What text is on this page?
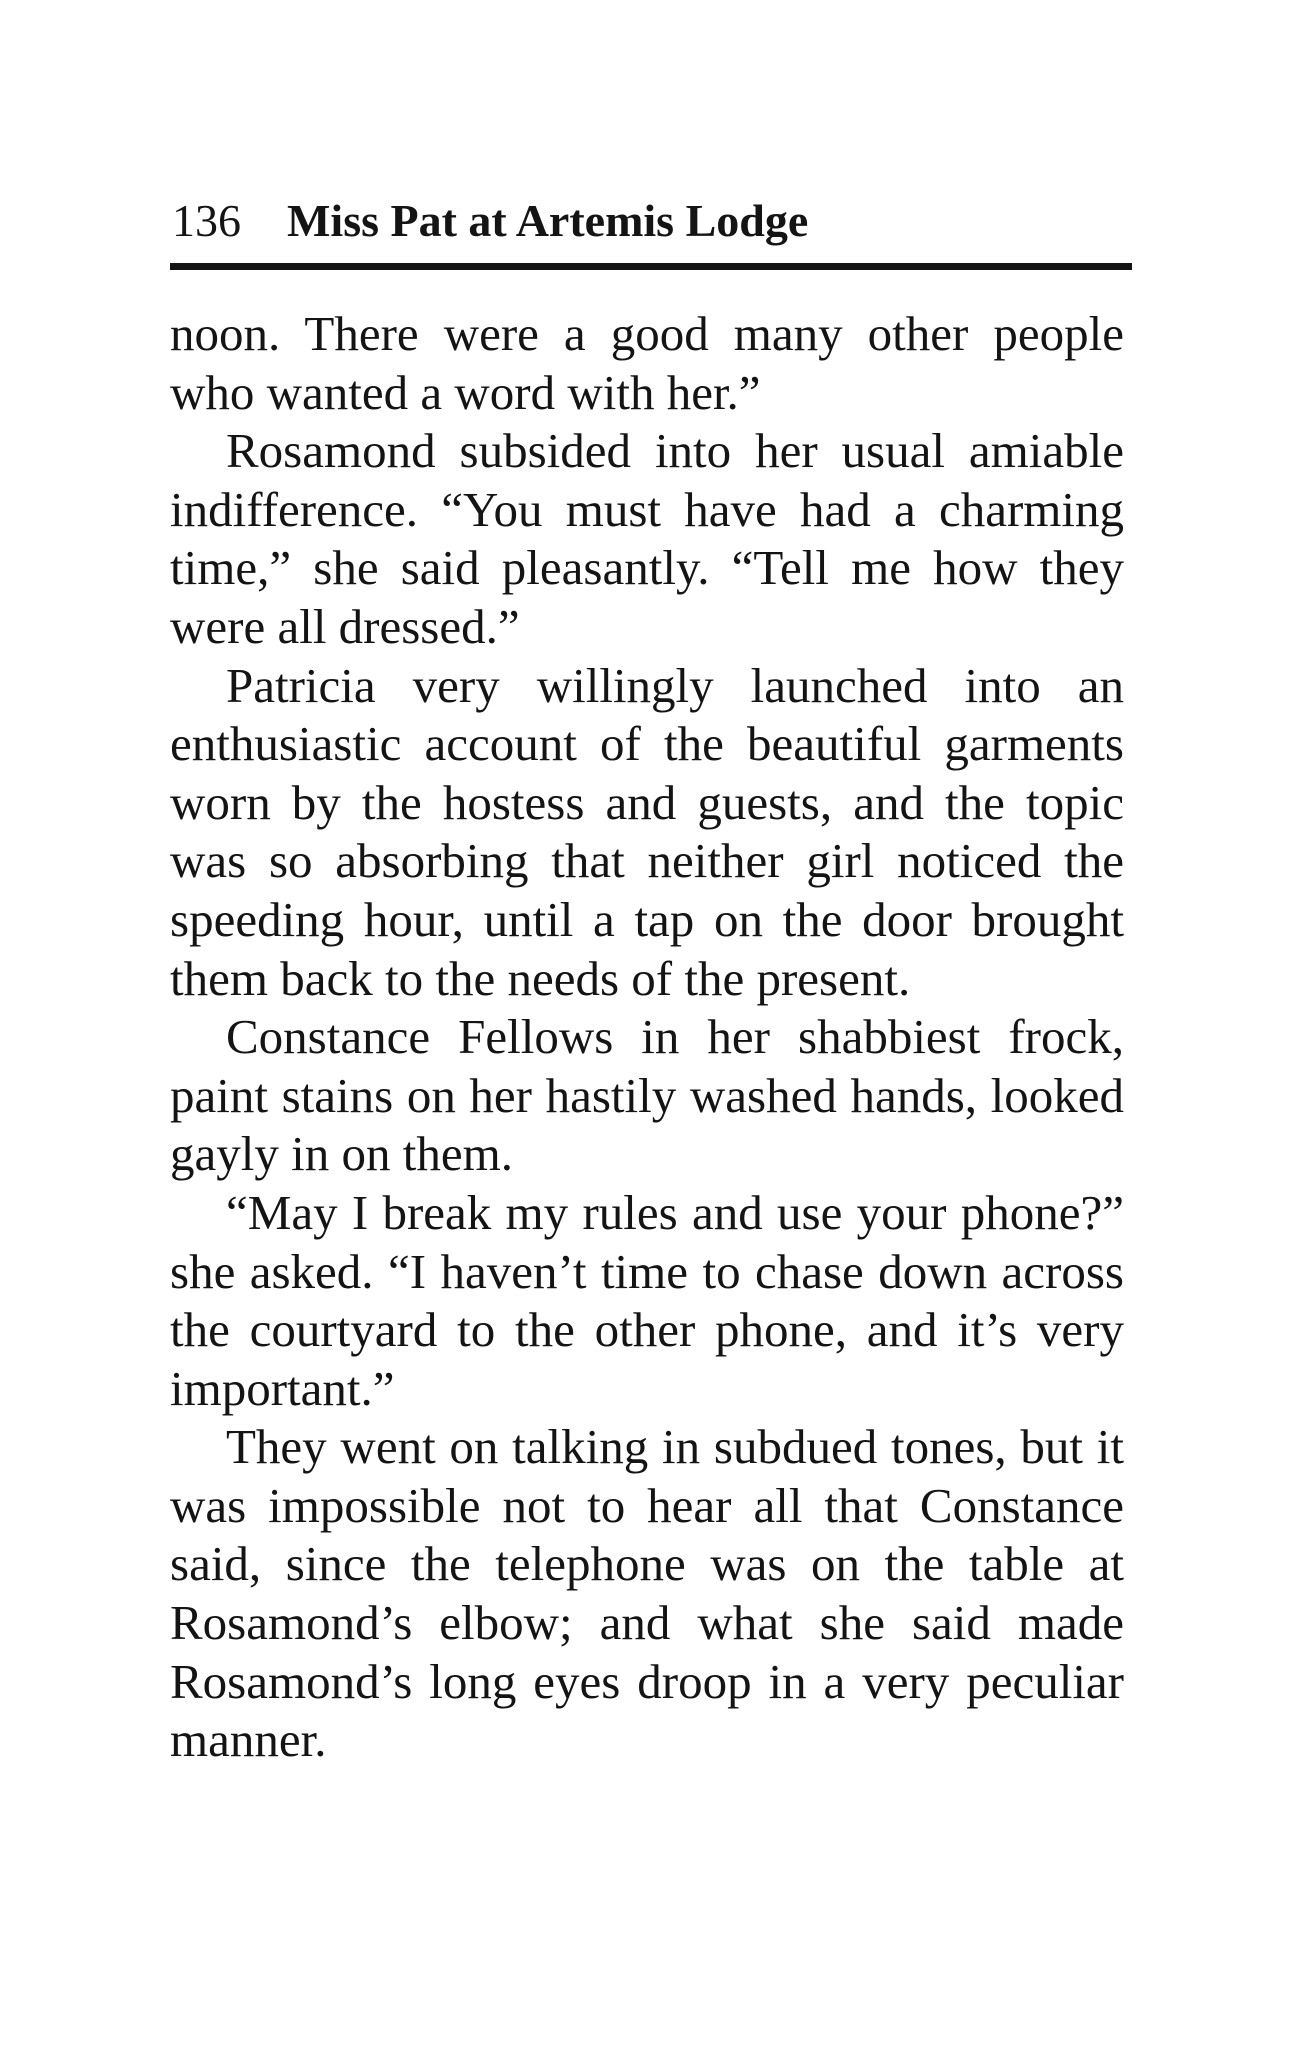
136 Miss Pat at Artemis Lodge

noon. There were a good many other people who wanted a word with her.”

Rosamond subsided into her usual amiable indifference. “You must have had a charming time,” she said pleasantly. “Tell me how they were all dressed.”

Patricia very willingly launched into an enthusiastic account of the beautiful garments worn by the hostess and guests, and the topic was so absorbing that neither girl noticed the speeding hour, until a tap on the door brought them back to the needs of the present.

Constance Fellows in her shabbiest frock, paint stains on her hastily washed hands, looked gayly in on them.

“May I break my rules and use your phone?” she asked. “I haven’t time to chase down across the courtyard to the other phone, and it’s very important.”

They went on talking in subdued tones, but it was impossible not to hear all that Constance said, since the telephone was on the table at Rosamond’s elbow; and what she said made Rosamond’s long eyes droop in a very peculiar manner.
